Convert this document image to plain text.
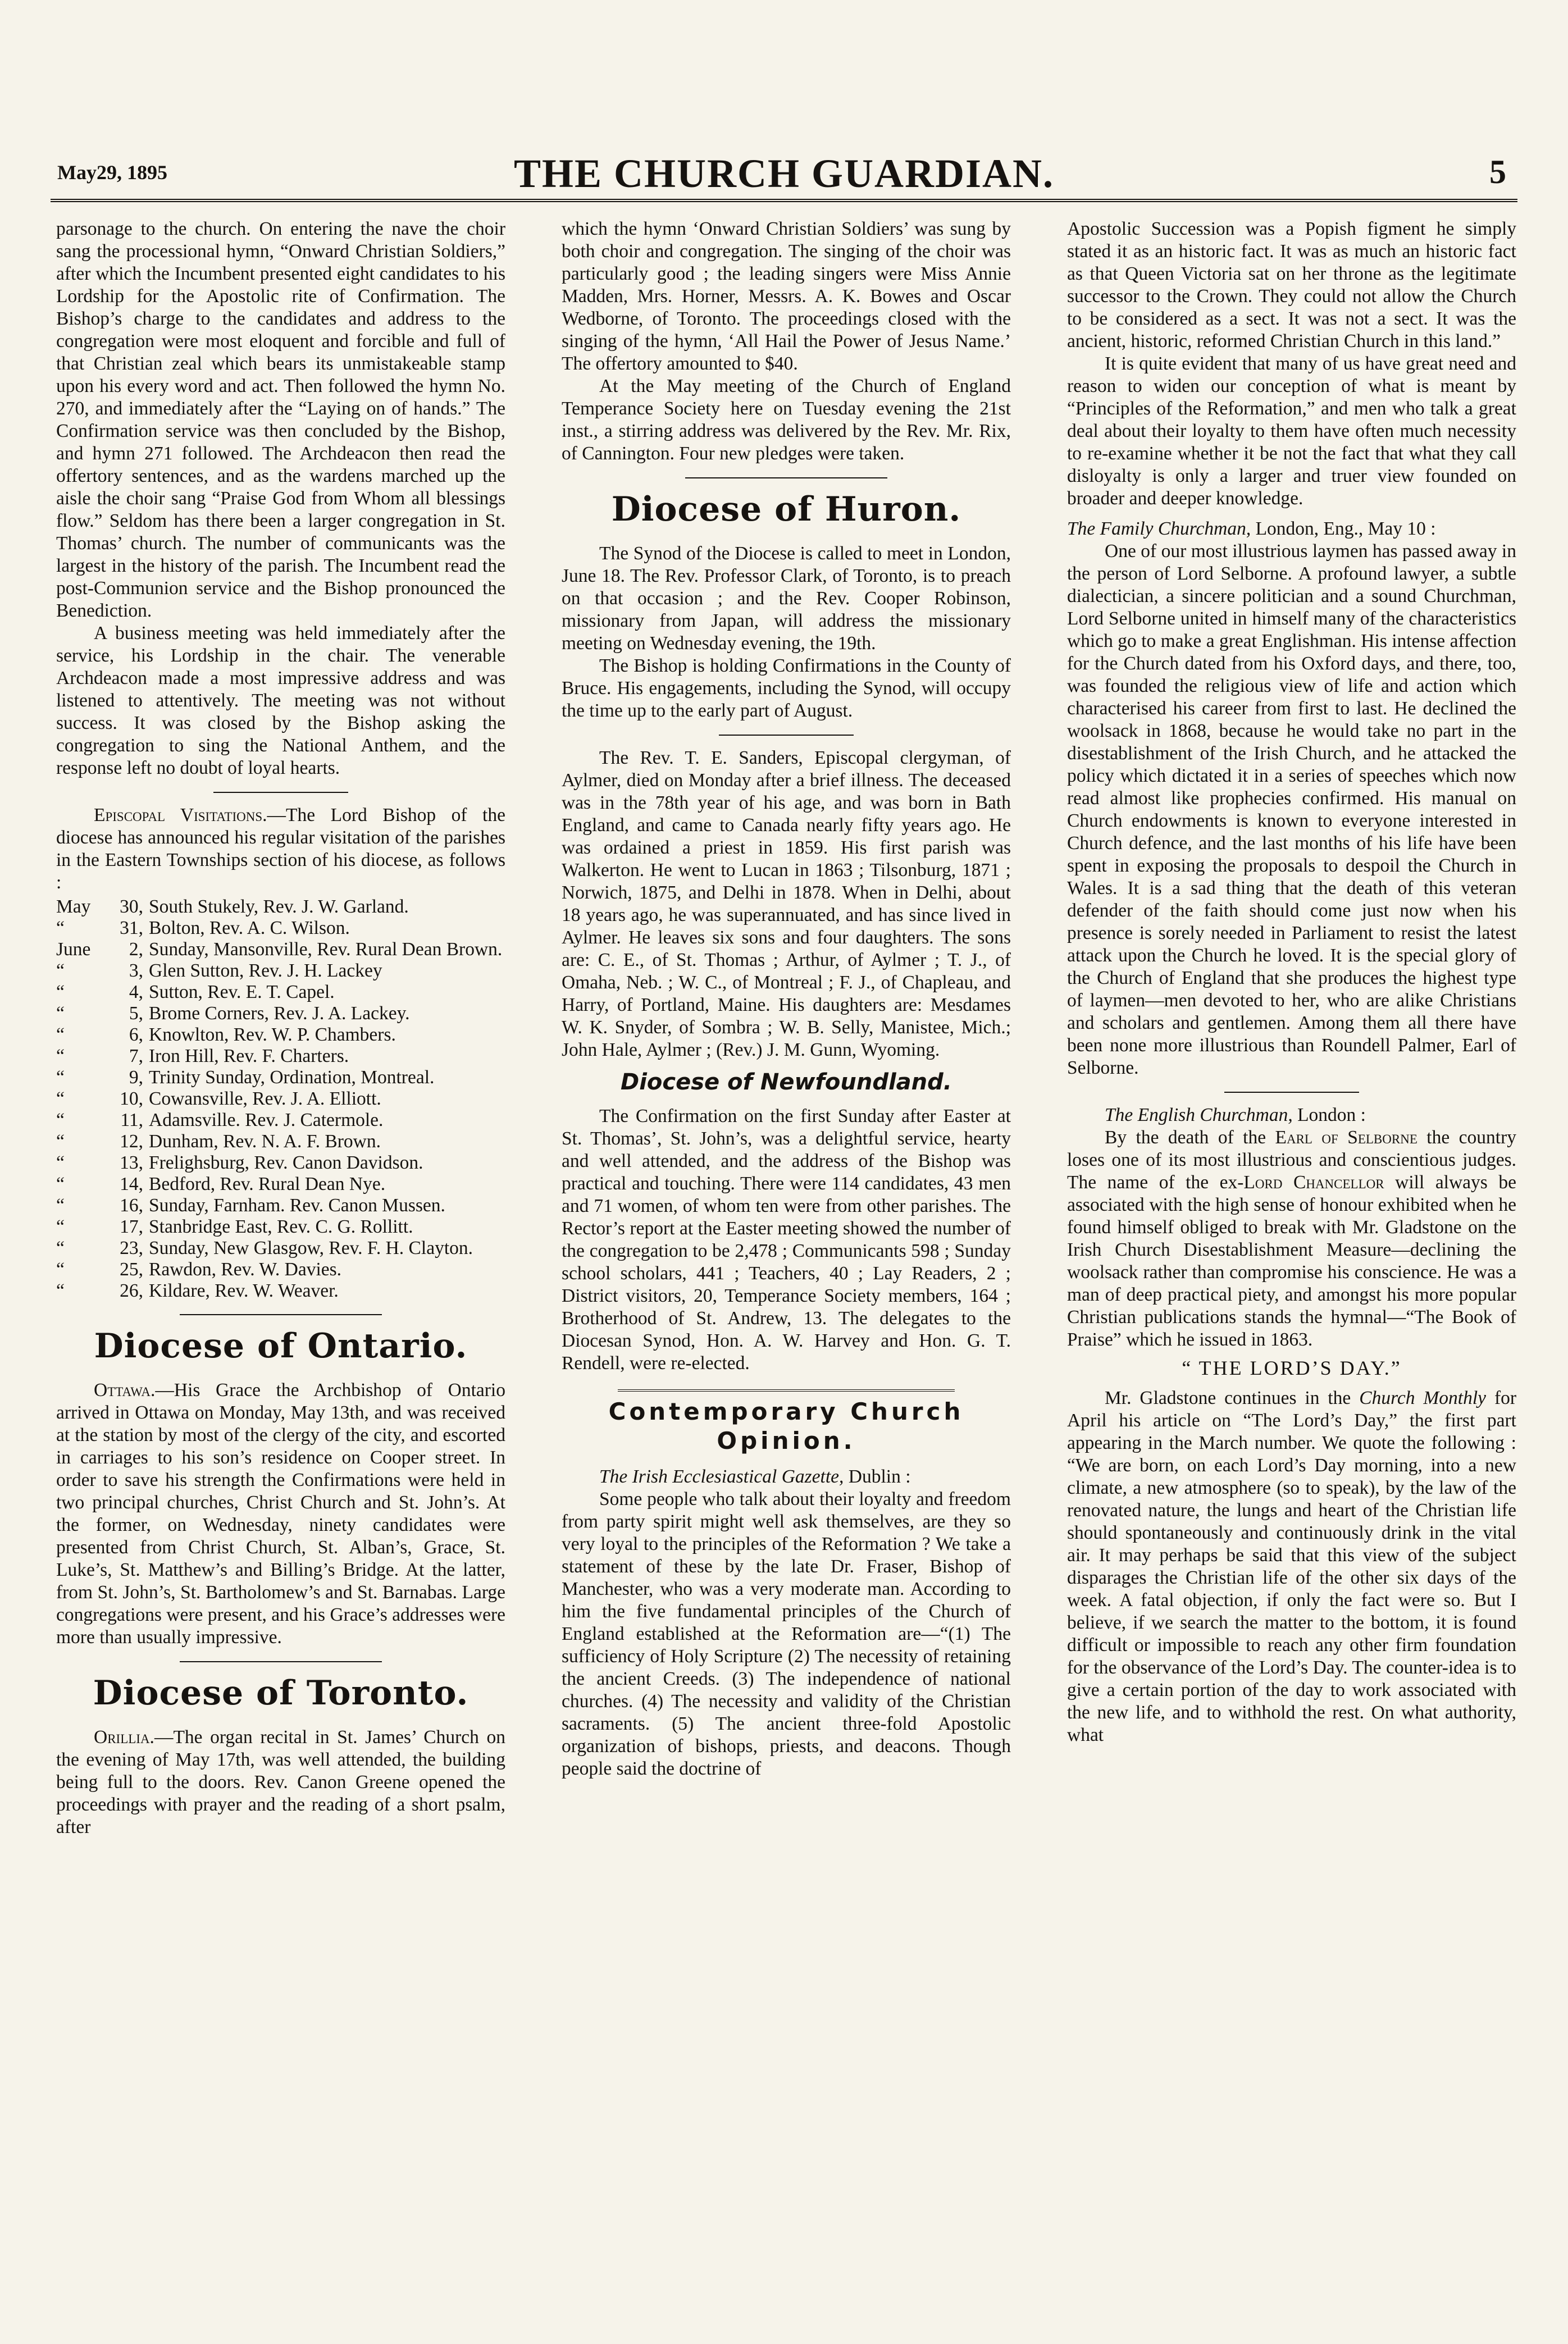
May29, 1895	THE CHURCH GUARDIAN.	5

parsonage to the church. On entering the nave the choir sang the processional hymn, “Onward Christian Soldiers,” after which the Incumbent presented eight candidates to his Lordship for the Apostolic rite of Confirmation. The Bishop’s charge to the candidates and address to the congregation were most eloquent and forcible and full of that Christian zeal which bears its unmistakeable stamp upon his every word and act. Then followed the hymn No. 270, and immediately after the “Laying on of hands.” The Confirmation service was then concluded by the Bishop, and hymn 271 followed. The Archdeacon then read the offertory sentences, and as the wardens marched up the aisle the choir sang “Praise God from Whom all blessings flow.” Seldom has there been a larger congregation in St. Thomas’ church. The number of communicants was the largest in the history of the parish. The Incumbent read the post-Communion service and the Bishop pronounced the Benediction.

A business meeting was held immediately after the service, his Lordship in the chair. The venerable Archdeacon made a most impressive address and was listened to attentively. The meeting was not without success. It was closed by the Bishop asking the congregation to sing the National Anthem, and the response left no doubt of loyal hearts.

Episcopal Visitations.—The Lord Bishop of the diocese has announced his regular visitation of the parishes in the Eastern Townships section of his diocese, as follows :

May	30, South Stukely, Rev. J. W. Garland.
“	31, Bolton, Rev. A. C. Wilson.
June	2, Sunday, Mansonville, Rev. Rural Dean Brown.
“	3, Glen Sutton, Rev. J. H. Lackey
“	4, Sutton, Rev. E. T. Capel.
“	5, Brome Corners, Rev. J. A. Lackey.
“	6, Knowlton, Rev. W. P. Chambers.
“	7, Iron Hill, Rev. F. Charters.
“	9, Trinity Sunday, Ordination, Montreal.
“	10, Cowansville, Rev. J. A. Elliott.
“	11, Adamsville. Rev. J. Catermole.
“	12, Dunham, Rev. N. A. F. Brown.
“	13, Frelighsburg, Rev. Canon Davidson.
“	14, Bedford, Rev. Rural Dean Nye.
“	16, Sunday, Farnham. Rev. Canon Mussen.
“	17, Stanbridge East, Rev. C. G. Rollitt.
“	23, Sunday, New Glasgow, Rev. F. H. Clayton.
“	25, Rawdon, Rev. W. Davies.
“	26, Kildare, Rev. W. Weaver.
Diocese of Ontario.

Ottawa.—His Grace the Archbishop of Ontario arrived in Ottawa on Monday, May 13th, and was received at the station by most of the clergy of the city, and escorted in carriages to his son’s residence on Cooper street. In order to save his strength the Confirmations were held in two principal churches, Christ Church and St. John’s. At the former, on Wednesday, ninety candidates were presented from Christ Church, St. Alban’s, Grace, St. Luke’s, St. Matthew’s and Billing’s Bridge. At the latter, from St. John’s, St. Bartholomew’s and St. Barnabas. Large congregations were present, and his Grace’s addresses were more than usually impressive.

Diocese of Toronto.

Orillia.—The organ recital in St. James’ Church on the evening of May 17th, was well attended, the building being full to the doors. Rev. Canon Greene opened the proceedings with prayer and the reading of a short psalm, after

which the hymn ‘Onward Christian Soldiers’ was sung by both choir and congregation. The singing of the choir was particularly good ; the leading singers were Miss Annie Madden, Mrs. Horner, Messrs. A. K. Bowes and Oscar Wedborne, of Toronto. The proceedings closed with the singing of the hymn, ‘All Hail the Power of Jesus Name.’ The offertory amounted to $40.

At the May meeting of the Church of England Temperance Society here on Tuesday evening the 21st inst., a stirring address was delivered by the Rev. Mr. Rix, of Cannington. Four new pledges were taken.

Diocese of Huron.

The Synod of the Diocese is called to meet in London, June 18. The Rev. Professor Clark, of Toronto, is to preach on that occasion ; and the Rev. Cooper Robinson, missionary from Japan, will address the missionary meeting on Wednesday evening, the 19th.

The Bishop is holding Confirmations in the County of Bruce. His engagements, including the Synod, will occupy the time up to the early part of August.

The Rev. T. E. Sanders, Episcopal clergyman, of Aylmer, died on Monday after a brief illness. The deceased was in the 78th year of his age, and was born in Bath England, and came to Canada nearly fifty years ago. He was ordained a priest in 1859. His first parish was Walkerton. He went to Lucan in 1863 ; Tilsonburg, 1871 ; Norwich, 1875, and Delhi in 1878. When in Delhi, about 18 years ago, he was superannuated, and has since lived in Aylmer. He leaves six sons and four daughters. The sons are: C. E., of St. Thomas ; Arthur, of Aylmer ; T. J., of Omaha, Neb. ; W. C., of Montreal ; F. J., of Chapleau, and Harry, of Portland, Maine. His daughters are: Mesdames W. K. Snyder, of Sombra ; W. B. Selly, Manistee, Mich.; John Hale, Aylmer ; (Rev.) J. M. Gunn, Wyoming.

Diocese of Newfoundland.

The Confirmation on the first Sunday after Easter at St. Thomas’, St. John’s, was a delightful service, hearty and well attended, and the address of the Bishop was practical and touching. There were 114 candidates, 43 men and 71 women, of whom ten were from other parishes. The Rector’s report at the Easter meeting showed the number of the congregation to be 2,478 ; Communicants 598 ; Sunday school scholars, 441 ; Teachers, 40 ; Lay Readers, 2 ; District visitors, 20, Temperance Society members, 164 ; Brotherhood of St. Andrew, 13. The delegates to the Diocesan Synod, Hon. A. W. Harvey and Hon. G. T. Rendell, were re-elected.

Contemporary Church Opinion.

The Irish Ecclesiastical Gazette, Dublin :

Some people who talk about their loyalty and freedom from party spirit might well ask themselves, are they so very loyal to the principles of the Reformation ? We take a statement of these by the late Dr. Fraser, Bishop of Manchester, who was a very moderate man. According to him the five fundamental principles of the Church of England established at the Reformation are—“(1) The sufficiency of Holy Scripture (2) The necessity of retaining the ancient Creeds. (3) The independence of national churches. (4) The necessity and validity of the Christian sacraments. (5) The ancient three-fold Apostolic organization of bishops, priests, and deacons. Though people said the doctrine of

Apostolic Succession was a Popish figment he simply stated it as an historic fact. It was as much an historic fact as that Queen Victoria sat on her throne as the legitimate successor to the Crown. They could not allow the Church to be considered as a sect. It was not a sect. It was the ancient, historic, reformed Christian Church in this land.”

It is quite evident that many of us have great need and reason to widen our conception of what is meant by “Principles of the Reformation,” and men who talk a great deal about their loyalty to them have often much necessity to re-examine whether it be not the fact that what they call disloyalty is only a larger and truer view founded on broader and deeper knowledge.

The Family Churchman, London, Eng., May 10 :

One of our most illustrious laymen has passed away in the person of Lord Selborne. A profound lawyer, a subtle dialectician, a sincere politician and a sound Churchman, Lord Selborne united in himself many of the characteristics which go to make a great Englishman. His intense affection for the Church dated from his Oxford days, and there, too, was founded the religious view of life and action which characterised his career from first to last. He declined the woolsack in 1868, because he would take no part in the disestablishment of the Irish Church, and he attacked the policy which dictated it in a series of speeches which now read almost like prophecies confirmed. His manual on Church endowments is known to everyone interested in Church defence, and the last months of his life have been spent in exposing the proposals to despoil the Church in Wales. It is a sad thing that the death of this veteran defender of the faith should come just now when his presence is sorely needed in Parliament to resist the latest attack upon the Church he loved. It is the special glory of the Church of England that she produces the highest type of laymen—men devoted to her, who are alike Christians and scholars and gentlemen. Among them all there have been none more illustrious than Roundell Palmer, Earl of Selborne.

The English Churchman, London :

By the death of the Earl of Selborne the country loses one of its most illustrious and conscientious judges. The name of the ex-Lord Chancellor will always be associated with the high sense of honour exhibited when he found himself obliged to break with Mr. Gladstone on the Irish Church Disestablishment Measure—declining the woolsack rather than compromise his conscience. He was a man of deep practical piety, and amongst his more popular Christian publications stands the hymnal—“The Book of Praise” which he issued in 1863.

“ THE LORD’S DAY.”

Mr. Gladstone continues in the Church Monthly for April his article on “The Lord’s Day,” the first part appearing in the March number. We quote the following : “We are born, on each Lord’s Day morning, into a new climate, a new atmosphere (so to speak), by the law of the renovated nature, the lungs and heart of the Christian life should spontaneously and continuously drink in the vital air. It may perhaps be said that this view of the subject disparages the Christian life of the other six days of the week. A fatal objection, if only the fact were so. But I believe, if we search the matter to the bottom, it is found difficult or impossible to reach any other firm foundation for the observance of the Lord’s Day. The counter-idea is to give a certain portion of the day to work associated with the new life, and to withhold the rest. On what authority, what
